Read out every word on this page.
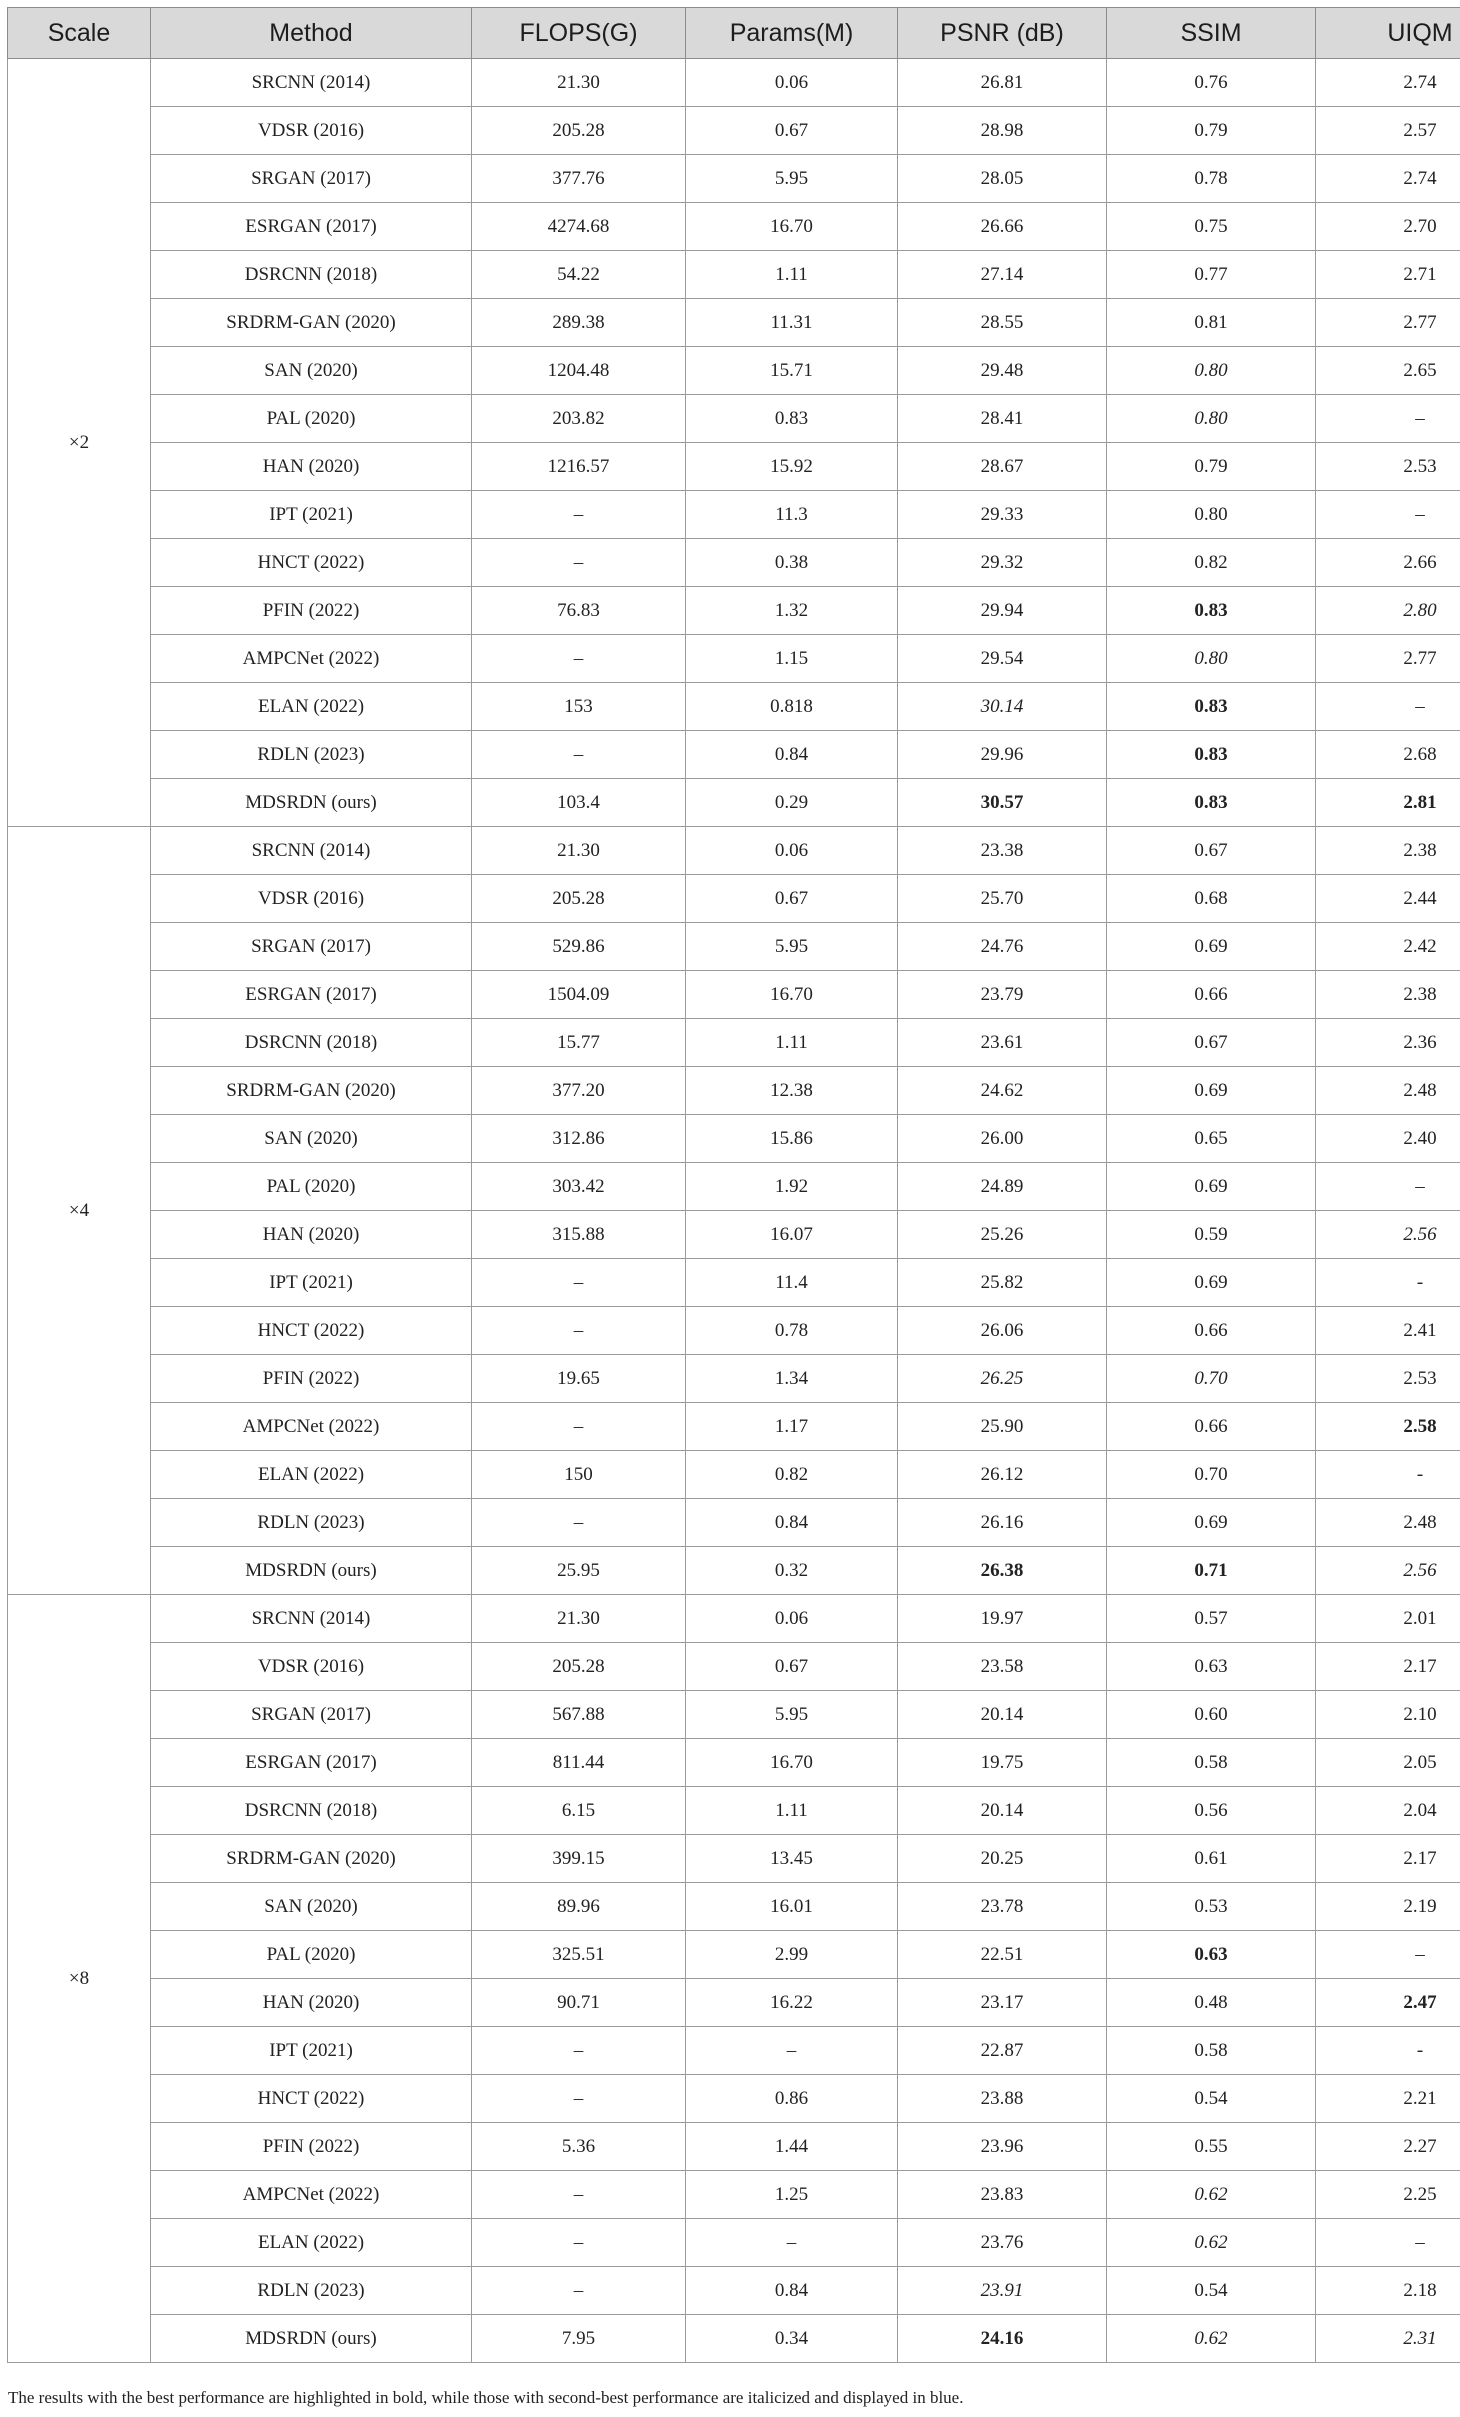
Scale	Method	FLOPS(G)	Params(M)	PSNR (dB)	SSIM	UIQM
×2	SRCNN (2014)	21.30	0.06	26.81	0.76	2.74
	VDSR (2016)	205.28	0.67	28.98	0.79	2.57
	SRGAN (2017)	377.76	5.95	28.05	0.78	2.74
	ESRGAN (2017)	4274.68	16.70	26.66	0.75	2.70
	DSRCNN (2018)	54.22	1.11	27.14	0.77	2.71
	SRDRM-GAN (2020)	289.38	11.31	28.55	0.81	2.77
	SAN (2020)	1204.48	15.71	29.48	0.80	2.65
	PAL (2020)	203.82	0.83	28.41	0.80	–
	HAN (2020)	1216.57	15.92	28.67	0.79	2.53
	IPT (2021)	–	11.3	29.33	0.80	–
	HNCT (2022)	–	0.38	29.32	0.82	2.66
	PFIN (2022)	76.83	1.32	29.94	0.83	2.80
	AMPCNet (2022)	–	1.15	29.54	0.80	2.77
	ELAN (2022)	153	0.818	30.14	0.83	–
	RDLN (2023)	–	0.84	29.96	0.83	2.68
	MDSRDN (ours)	103.4	0.29	30.57	0.83	2.81
×4	SRCNN (2014)	21.30	0.06	23.38	0.67	2.38
	VDSR (2016)	205.28	0.67	25.70	0.68	2.44
	SRGAN (2017)	529.86	5.95	24.76	0.69	2.42
	ESRGAN (2017)	1504.09	16.70	23.79	0.66	2.38
	DSRCNN (2018)	15.77	1.11	23.61	0.67	2.36
	SRDRM-GAN (2020)	377.20	12.38	24.62	0.69	2.48
	SAN (2020)	312.86	15.86	26.00	0.65	2.40
	PAL (2020)	303.42	1.92	24.89	0.69	–
	HAN (2020)	315.88	16.07	25.26	0.59	2.56
	IPT (2021)	–	11.4	25.82	0.69	-
	HNCT (2022)	–	0.78	26.06	0.66	2.41
	PFIN (2022)	19.65	1.34	26.25	0.70	2.53
	AMPCNet (2022)	–	1.17	25.90	0.66	2.58
	ELAN (2022)	150	0.82	26.12	0.70	-
	RDLN (2023)	–	0.84	26.16	0.69	2.48
	MDSRDN (ours)	25.95	0.32	26.38	0.71	2.56
×8	SRCNN (2014)	21.30	0.06	19.97	0.57	2.01
	VDSR (2016)	205.28	0.67	23.58	0.63	2.17
	SRGAN (2017)	567.88	5.95	20.14	0.60	2.10
	ESRGAN (2017)	811.44	16.70	19.75	0.58	2.05
	DSRCNN (2018)	6.15	1.11	20.14	0.56	2.04
	SRDRM-GAN (2020)	399.15	13.45	20.25	0.61	2.17
	SAN (2020)	89.96	16.01	23.78	0.53	2.19
	PAL (2020)	325.51	2.99	22.51	0.63	–
	HAN (2020)	90.71	16.22	23.17	0.48	2.47
	IPT (2021)	–	–	22.87	0.58	-
	HNCT (2022)	–	0.86	23.88	0.54	2.21
	PFIN (2022)	5.36	1.44	23.96	0.55	2.27
	AMPCNet (2022)	–	1.25	23.83	0.62	2.25
	ELAN (2022)	–	–	23.76	0.62	–
	RDLN (2023)	–	0.84	23.91	0.54	2.18
	MDSRDN (ours)	7.95	0.34	24.16	0.62	2.31
The results with the best performance are highlighted in bold, while those with second-best performance are italicized and displayed in blue.
